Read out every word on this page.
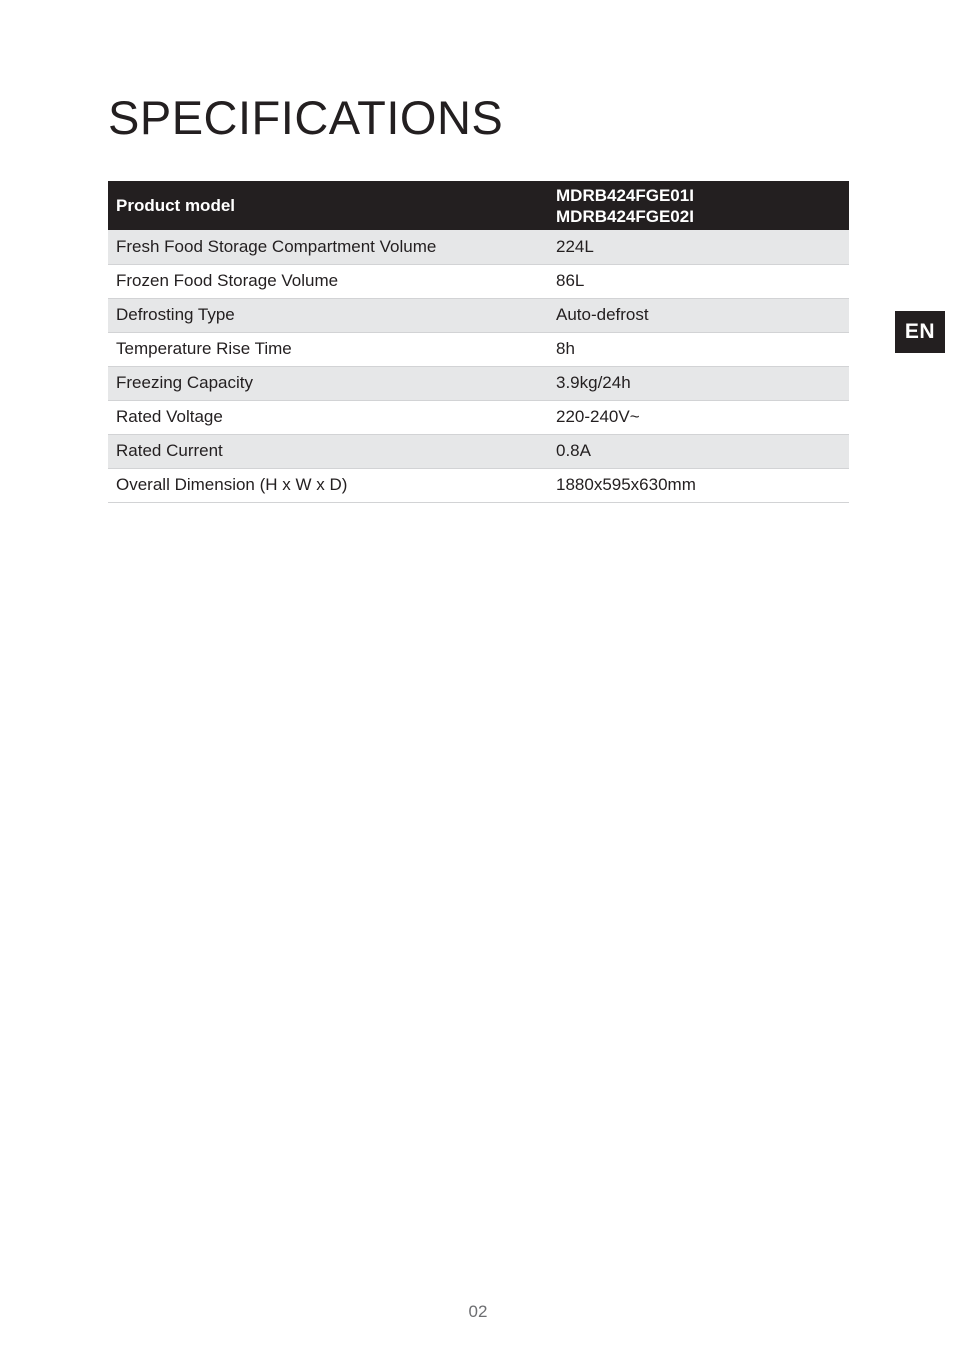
SPECIFICATIONS
Product model	MDRB424FGE01I
MDRB424FGE02I

Fresh Food Storage Compartment Volume	224L
Frozen Food Storage Volume	86L
Defrosting Type	Auto-defrost
Temperature Rise Time	8h
Freezing Capacity	3.9kg/24h
Rated Voltage	220-240V~
Rated Current	0.8A
Overall Dimension (H x W x D)	1880x595x630mm
EN
02
